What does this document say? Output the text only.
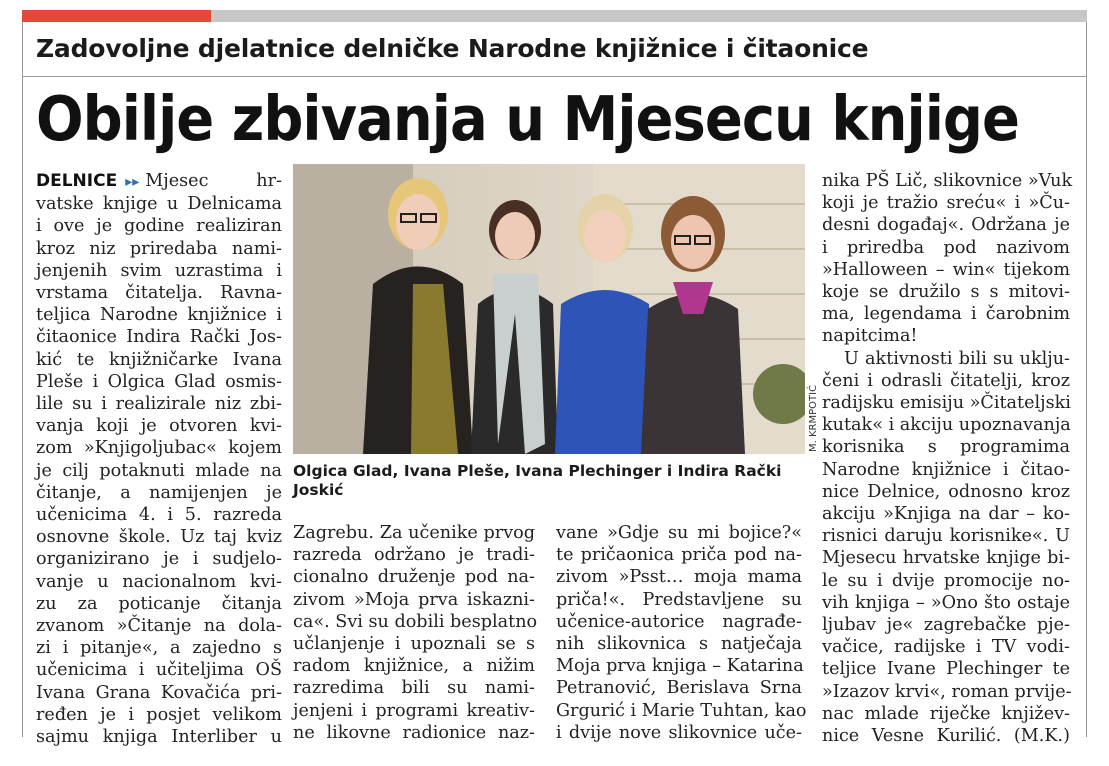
Zadovoljne djelatnice delničke Narodne knjižnice i čitaonice
Obilje zbivanja u Mjesecu knjige
DELNICE ▸▸ Mjesec hr-
vatske knjige u Delnicama
i ove je godine realiziran
kroz niz priredaba nami-
jenjenih svim uzrastima i
vrstama čitatelja. Ravna-
teljica Narodne knjižnice i
čitaonice Indira Rački Jos-
kić te knjižničarke Ivana
Pleše i Olgica Glad osmis-
lile su i realizirale niz zbi-
vanja koji je otvoren kvi-
zom »Knjigoljubac« kojem
je cilj potaknuti mlade na
čitanje, a namijenjen je
učenicima 4. i 5. razreda
osnovne škole. Uz taj kviz
organizirano je i sudjelo-
vanje u nacionalnom kvi-
zu za poticanje čitanja
zvanom »Čitanje na dola-
zi i pitanje«, a zajedno s
učenicima i učiteljima OŠ
Ivana Grana Kovačića pri-
ređen je i posjet velikom
sajmu knjiga Interliber u
Olgica Glad, Ivana Pleše, Ivana Plechinger i Indira Rački Joskić
M. KRMPOTIĆ
Zagrebu. Za učenike prvog
razreda održano je tradi-
cionalno druženje pod na-
zivom »Moja prva iskazni-
ca«. Svi su dobili besplatno
učlanjenje i upoznali se s
radom knjižnice, a nižim
razredima bili su nami-
jenjeni i programi kreativ-
ne likovne radionice naz-
vane »Gdje su mi bojice?«
te pričaonica priča pod na-
zivom »Psst… moja mama
priča!«. Predstavljene su
učenice-autorice nagrađe-
nih slikovnica s natječaja
Moja prva knjiga – Katarina
Petranović, Berislava Srna
Grgurić i Marie Tuhtan, kao
i dvije nove slikovnice uče-
nika PŠ Lič, slikovnice »Vuk
koji je tražio sreću« i »Ču-
desni događaj«. Održana je
i priredba pod nazivom
»Halloween – win« tijekom
koje se družilo s s mitovi-
ma, legendama i čarobnim
napitcima!
U aktivnosti bili su uklju-
čeni i odrasli čitatelji, kroz
radijsku emisiju »Čitateljski
kutak« i akciju upoznavanja
korisnika s programima
Narodne knjižnice i čitao-
nice Delnice, odnosno kroz
akciju »Knjiga na dar – ko-
risnici daruju korisnike«. U
Mjesecu hrvatske knjige bi-
le su i dvije promocije no-
vih knjiga – »Ono što ostaje
ljubav je« zagrebačke pje-
vačice, radijske i TV vodi-
teljice Ivane Plechinger te
»Izazov krvi«, roman prvije-
nac mlade riječke književ-
nice Vesne Kurilić. (M.K.)
